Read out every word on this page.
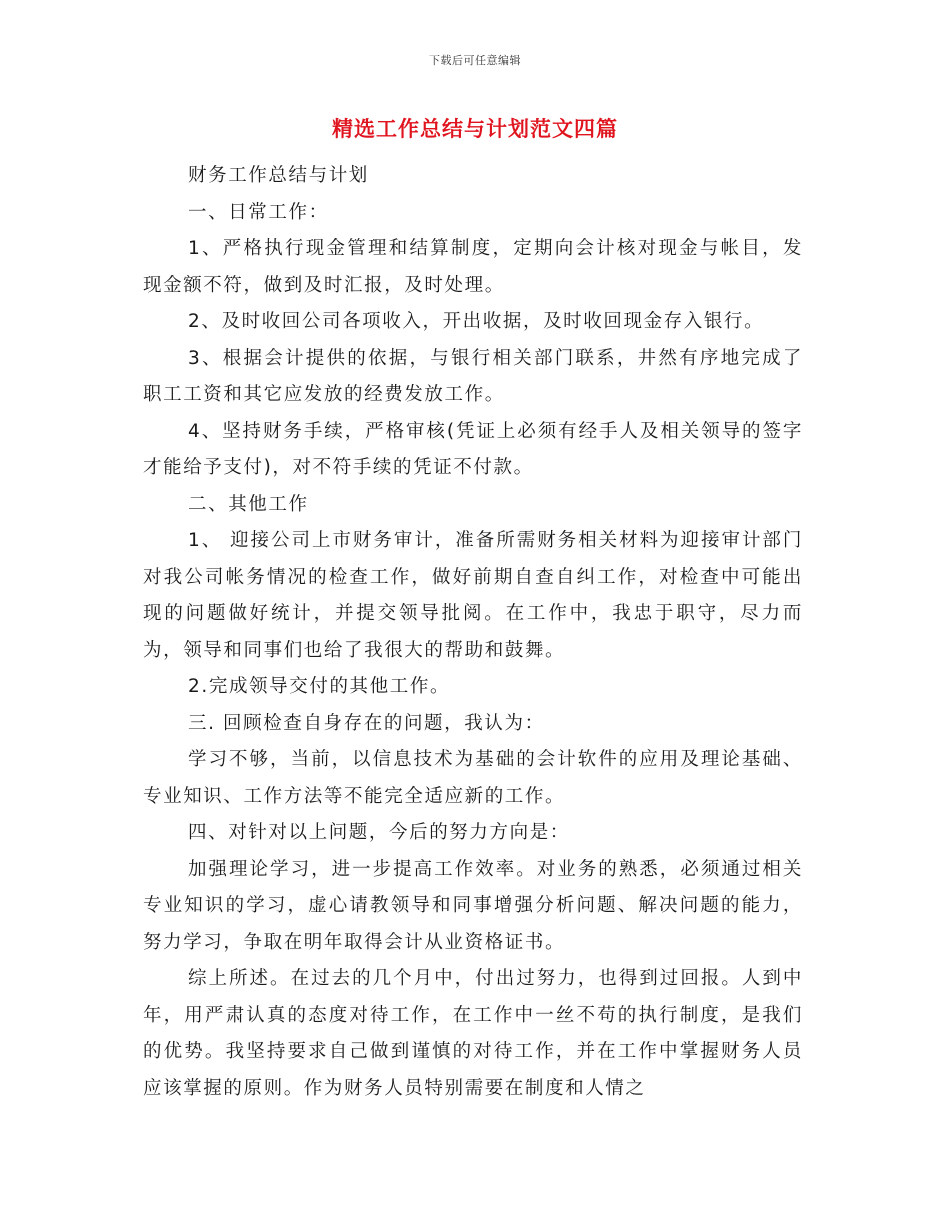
下载后可任意编辑
精选工作总结与计划范文四篇

财务工作总结与计划

一、日常工作：

1、严格执行现金管理和结算制度，定期向会计核对现金与帐目，发现金额不符，做到及时汇报，及时处理。

2、及时收回公司各项收入，开出收据，及时收回现金存入银行。

3、根据会计提供的依据，与银行相关部门联系，井然有序地完成了职工工资和其它应发放的经费发放工作。

4、坚持财务手续，严格审核(凭证上必须有经手人及相关领导的签字才能给予支付)，对不符手续的凭证不付款。

二、其他工作

1、 迎接公司上市财务审计，准备所需财务相关材料为迎接审计部门对我公司帐务情况的检查工作，做好前期自查自纠工作，对检查中可能出现的问题做好统计，并提交领导批阅。在工作中，我忠于职守，尽力而为，领导和同事们也给了我很大的帮助和鼓舞。

2.完成领导交付的其他工作。

三. 回顾检查自身存在的问题，我认为：

学习不够，当前，以信息技术为基础的会计软件的应用及理论基础、专业知识、工作方法等不能完全适应新的工作。

四、对针对以上问题，今后的努力方向是：

加强理论学习，进一步提高工作效率。对业务的熟悉，必须通过相关专业知识的学习，虚心请教领导和同事增强分析问题、解决问题的能力，努力学习，争取在明年取得会计从业资格证书。

综上所述。在过去的几个月中，付出过努力，也得到过回报。人到中年，用严肃认真的态度对待工作，在工作中一丝不苟的执行制度，是我们的优势。我坚持要求自己做到谨慎的对待工作，并在工作中掌握财务人员应该掌握的原则。作为财务人员特别需要在制度和人情之
